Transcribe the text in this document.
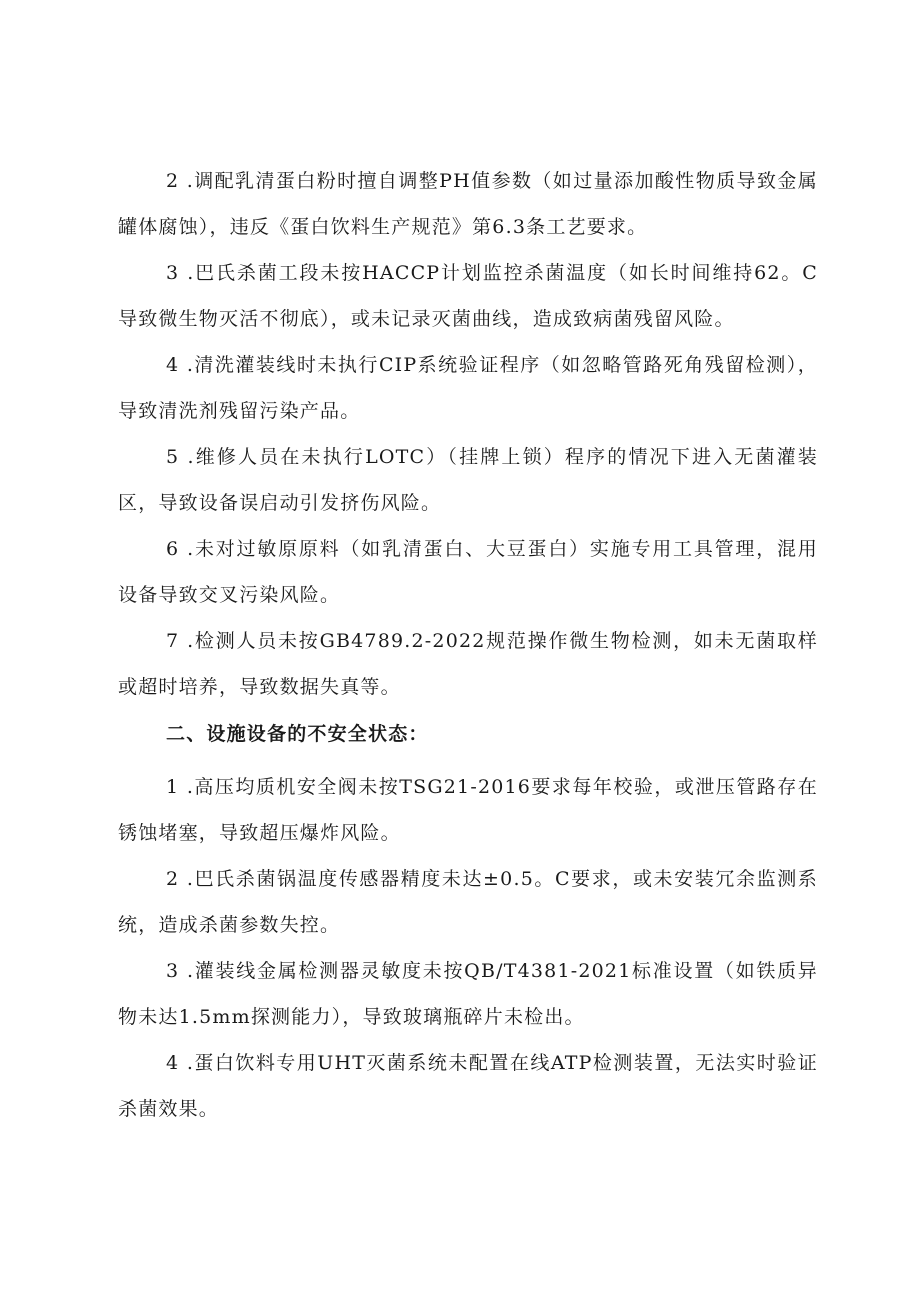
2 .调配乳清蛋白粉时擅自调整PH值参数（如过量添加酸性物质导致金属罐体腐蚀），违反《蛋白饮料生产规范》第6.3条工艺要求。

3 .巴氏杀菌工段未按HACCP计划监控杀菌温度（如长时间维持62。C导致微生物灭活不彻底），或未记录灭菌曲线，造成致病菌残留风险。

4 .清洗灌装线时未执行CIP系统验证程序（如忽略管路死角残留检测），导致清洗剂残留污染产品。

5 .维修人员在未执行LOTC）（挂牌上锁）程序的情况下进入无菌灌装区，导致设备误启动引发挤伤风险。

6 .未对过敏原原料（如乳清蛋白、大豆蛋白）实施专用工具管理，混用设备导致交叉污染风险。

7 .检测人员未按GB4789.2-2022规范操作微生物检测，如未无菌取样或超时培养，导致数据失真等。

二、设施设备的不安全状态：

1 .高压均质机安全阀未按TSG21-2016要求每年校验，或泄压管路存在锈蚀堵塞，导致超压爆炸风险。

2 .巴氏杀菌锅温度传感器精度未达±0.5。C要求，或未安装冗余监测系统，造成杀菌参数失控。

3 .灌装线金属检测器灵敏度未按QB/T4381-2021标准设置（如铁质异物未达1.5mm探测能力），导致玻璃瓶碎片未检出。

4 .蛋白饮料专用UHT灭菌系统未配置在线ATP检测装置，无法实时验证杀菌效果。
